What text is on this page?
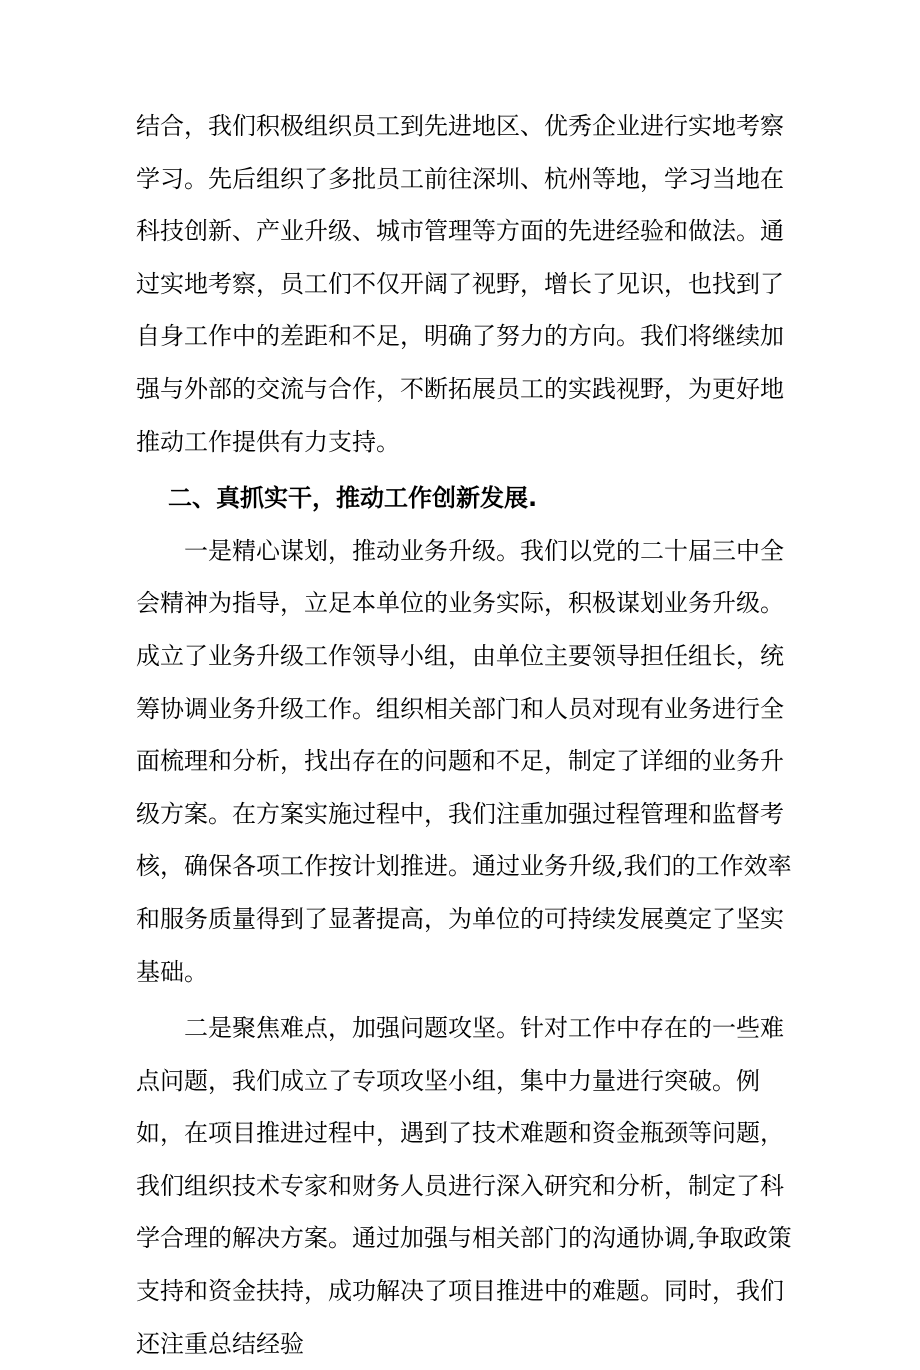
结合，我们积极组织员工到先进地区、优秀企业进行实地考察学习。先后组织了多批员工前往深圳、杭州等地，学习当地在科技创新、产业升级、城市管理等方面的先进经验和做法。通过实地考察，员工们不仅开阔了视野，增长了见识，也找到了自身工作中的差距和不足，明确了努力的方向。我们将继续加强与外部的交流与合作，不断拓展员工的实践视野，为更好地推动工作提供有力支持。

二、真抓实干，推动工作创新发展.

一是精心谋划，推动业务升级。我们以党的二十届三中全会精神为指导，立足本单位的业务实际，积极谋划业务升级。成立了业务升级工作领导小组，由单位主要领导担任组长，统筹协调业务升级工作。组织相关部门和人员对现有业务进行全面梳理和分析，找出存在的问题和不足，制定了详细的业务升级方案。在方案实施过程中，我们注重加强过程管理和监督考核，确保各项工作按计划推进。通过业务升级,我们的工作效率和服务质量得到了显著提高，为单位的可持续发展奠定了坚实基础。

二是聚焦难点，加强问题攻坚。针对工作中存在的一些难点问题，我们成立了专项攻坚小组，集中力量进行突破。例如，在项目推进过程中，遇到了技术难题和资金瓶颈等问题，我们组织技术专家和财务人员进行深入研究和分析，制定了科学合理的解决方案。通过加强与相关部门的沟通协调,争取政策支持和资金扶持，成功解决了项目推进中的难题。同时，我们还注重总结经验
